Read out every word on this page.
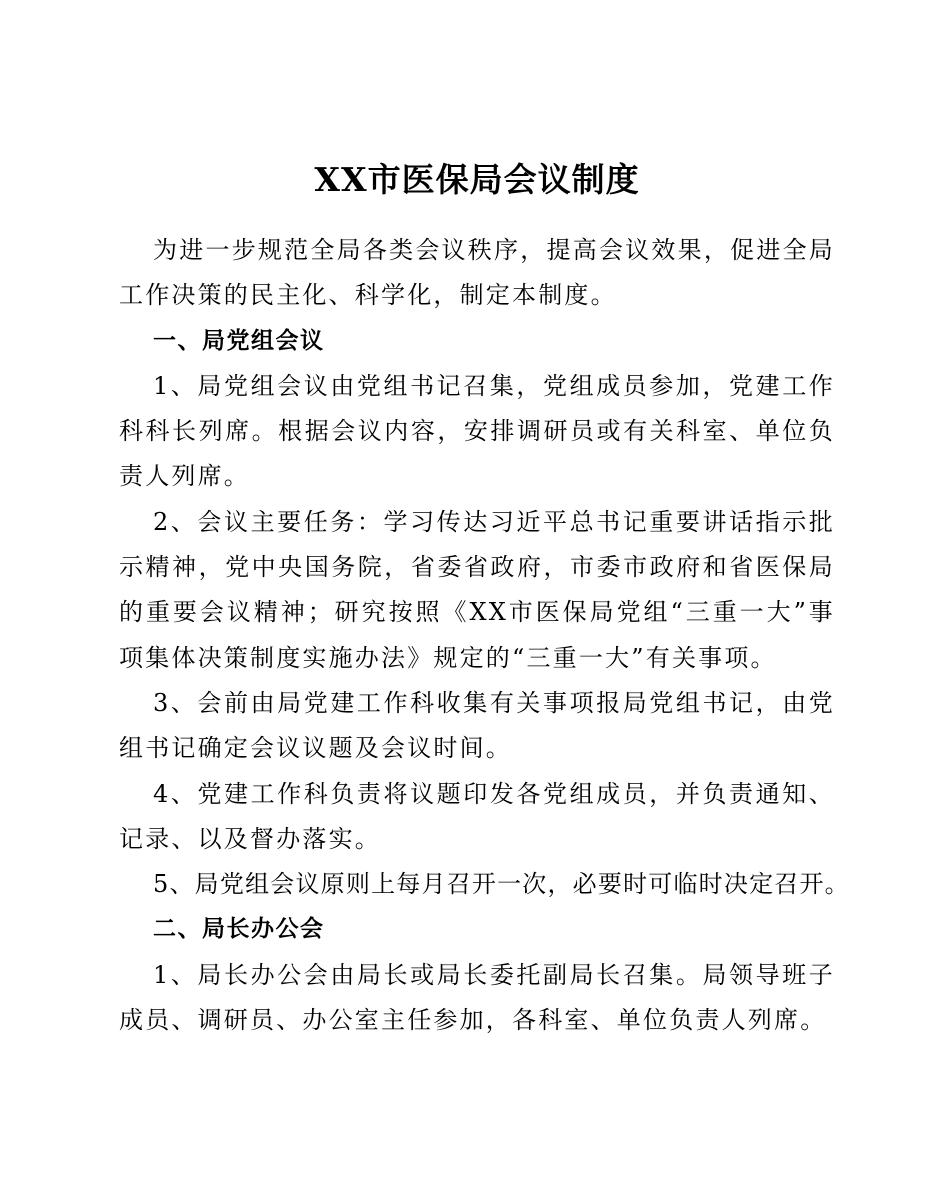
XX市医保局会议制度

为进一步规范全局各类会议秩序，提高会议效果，促进全局工作决策的民主化、科学化，制定本制度。

一、局党组会议

1、局党组会议由党组书记召集，党组成员参加，党建工作科科长列席。根据会议内容，安排调研员或有关科室、单位负责人列席。

2、会议主要任务：学习传达习近平总书记重要讲话指示批示精神，党中央国务院，省委省政府，市委市政府和省医保局的重要会议精神；研究按照《XX市医保局党组“三重一大”事项集体决策制度实施办法》规定的“三重一大”有关事项。

3、会前由局党建工作科收集有关事项报局党组书记，由党组书记确定会议议题及会议时间。

4、党建工作科负责将议题印发各党组成员，并负责通知、记录、以及督办落实。

5、局党组会议原则上每月召开一次，必要时可临时决定召开。

二、局长办公会

1、局长办公会由局长或局长委托副局长召集。局领导班子成员、调研员、办公室主任参加，各科室、单位负责人列席。
